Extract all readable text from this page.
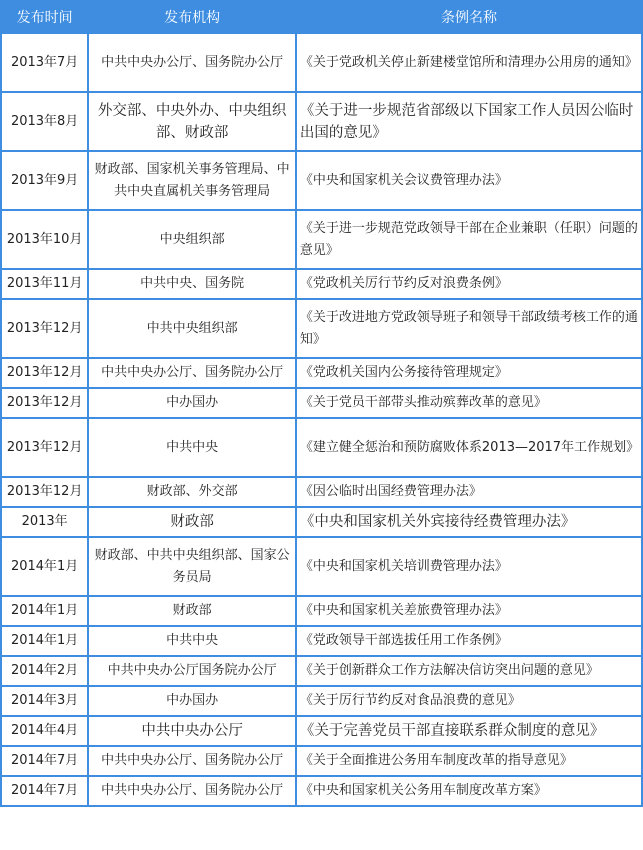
发布时间	发布机构	条例名称
2013年7月	中共中央办公厅、国务院办公厅	《关于党政机关停止新建楼堂馆所和清理办公用房的通知》
2013年8月	外交部、中央外办、中央组织部、财政部	《关于进一步规范省部级以下国家工作人员因公临时出国的意见》
2013年9月	财政部、国家机关事务管理局、中共中央直属机关事务管理局	《中央和国家机关会议费管理办法》
2013年10月	中央组织部	《关于进一步规范党政领导干部在企业兼职（任职）问题的意见》
2013年11月	中共中央、国务院	《党政机关厉行节约反对浪费条例》
2013年12月	中共中央组织部	《关于改进地方党政领导班子和领导干部政绩考核工作的通知》
2013年12月	中共中央办公厅、国务院办公厅	《党政机关国内公务接待管理规定》
2013年12月	中办国办	《关于党员干部带头推动殡葬改革的意见》
2013年12月	中共中央	《建立健全惩治和预防腐败体系2013—2017年工作规划》
2013年12月	财政部、外交部	《因公临时出国经费管理办法》
2013年	财政部	《中央和国家机关外宾接待经费管理办法》
2014年1月	财政部、中共中央组织部、国家公务员局	《中央和国家机关培训费管理办法》
2014年1月	财政部	《中央和国家机关差旅费管理办法》
2014年1月	中共中央	《党政领导干部选拔任用工作条例》
2014年2月	中共中央办公厅国务院办公厅	《关于创新群众工作方法解决信访突出问题的意见》
2014年3月	中办国办	《关于厉行节约反对食品浪费的意见》
2014年4月	中共中央办公厅	《关于完善党员干部直接联系群众制度的意见》
2014年7月	中共中央办公厅、国务院办公厅	《关于全面推进公务用车制度改革的指导意见》
2014年7月	中共中央办公厅、国务院办公厅	《中央和国家机关公务用车制度改革方案》
